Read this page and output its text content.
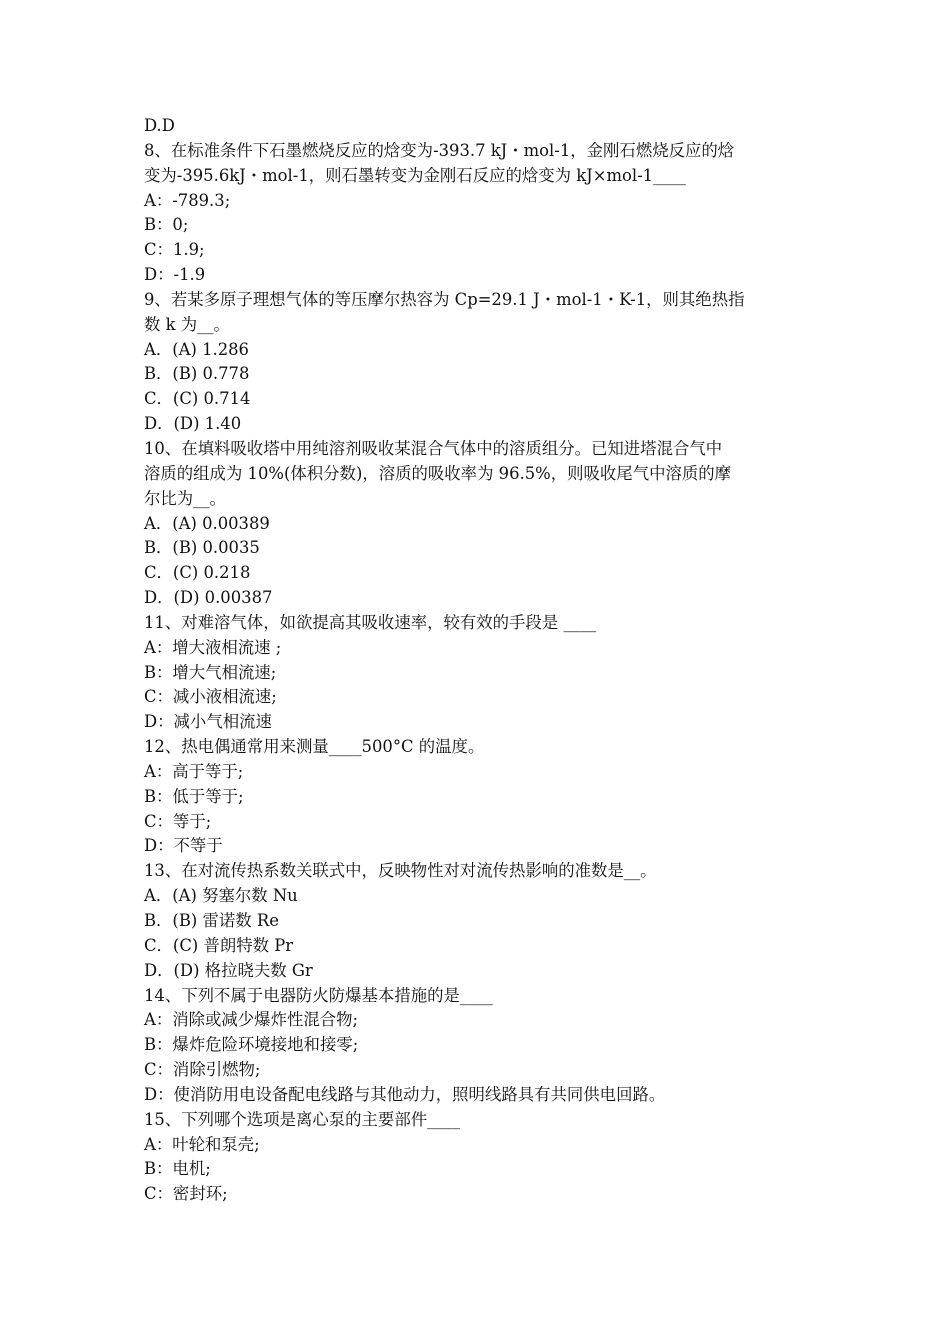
D.D
8、在标准条件下石墨燃烧反应的焓变为-393.7 kJ・mol-1，金刚石燃烧反应的焓
变为-395.6kJ・mol-1，则石墨转变为金刚石反应的焓变为 kJ×mol-1____
A：-789.3;
B：0;
C：1.9;
D：-1.9
9、若某多原子理想气体的等压摩尔热容为 Cp=29.1 J・mol-1・K-1，则其绝热指
数 k 为__。
A．(A) 1.286
B．(B) 0.778
C．(C) 0.714
D．(D) 1.40
10、在填料吸收塔中用纯溶剂吸收某混合气体中的溶质组分。已知进塔混合气中
溶质的组成为 10%(体积分数)，溶质的吸收率为 96.5%，则吸收尾气中溶质的摩
尔比为__。
A．(A) 0.00389
B．(B) 0.0035
C．(C) 0.218
D．(D) 0.00387
11、对难溶气体，如欲提高其吸收速率，较有效的手段是 ____
A：增大液相流速 ;
B：增大气相流速;
C：减小液相流速;
D：减小气相流速
12、热电偶通常用来测量____500°C 的温度。
A：高于等于;
B：低于等于;
C：等于;
D：不等于
13、在对流传热系数关联式中，反映物性对对流传热影响的准数是__。
A．(A) 努塞尔数 Nu
B．(B) 雷诺数 Re
C．(C) 普朗特数 Pr
D．(D) 格拉晓夫数 Gr
14、下列不属于电器防火防爆基本措施的是____
A：消除或减少爆炸性混合物;
B：爆炸危险环境接地和接零;
C：消除引燃物;
D：使消防用电设备配电线路与其他动力，照明线路具有共同供电回路。
15、下列哪个选项是离心泵的主要部件____
A：叶轮和泵壳;
B：电机;
C：密封环;
